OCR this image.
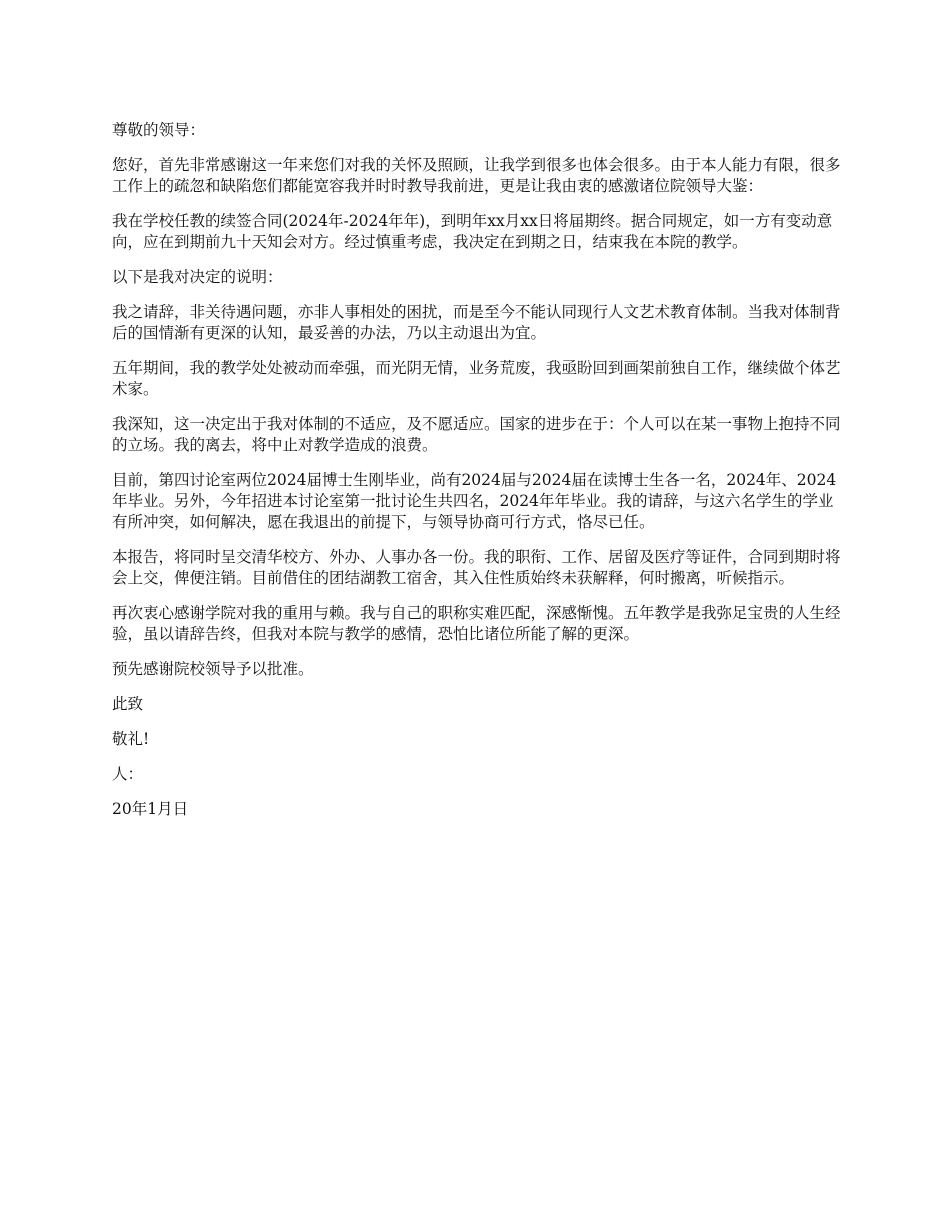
尊敬的领导：

您好，首先非常感谢这一年来您们对我的关怀及照顾，让我学到很多也体会很多。由于本人能力有限，很多工作上的疏忽和缺陷您们都能宽容我并时时教导我前进，更是让我由衷的感激诸位院领导大鉴：

我在学校任教的续签合同(2024年-2024年年)，到明年xx月xx日将届期终。据合同规定，如一方有变动意向，应在到期前九十天知会对方。经过慎重考虑，我决定在到期之日，结束我在本院的教学。

以下是我对决定的说明：

我之请辞，非关待遇问题，亦非人事相处的困扰，而是至今不能认同现行人文艺术教育体制。当我对体制背后的国情渐有更深的认知，最妥善的办法，乃以主动退出为宜。

五年期间，我的教学处处被动而牵强，而光阴无情，业务荒废，我亟盼回到画架前独自工作，继续做个体艺术家。

我深知，这一决定出于我对体制的不适应，及不愿适应。国家的进步在于：个人可以在某一事物上抱持不同的立场。我的离去，将中止对教学造成的浪费。

目前，第四讨论室两位2024届博士生刚毕业，尚有2024届与2024届在读博士生各一名，2024年、2024年毕业。另外，今年招进本讨论室第一批讨论生共四名，2024年年毕业。我的请辞，与这六名学生的学业有所冲突，如何解决，愿在我退出的前提下，与领导协商可行方式，恪尽已任。

本报告，将同时呈交清华校方、外办、人事办各一份。我的职衔、工作、居留及医疗等证件，合同到期时将会上交，俾便注销。目前借住的团结湖教工宿舍，其入住性质始终未获解释，何时搬离，听候指示。

再次衷心感谢学院对我的重用与赖。我与自己的职称实难匹配，深感惭愧。五年教学是我弥足宝贵的人生经验，虽以请辞告终，但我对本院与教学的感情，恐怕比诸位所能了解的更深。

预先感谢院校领导予以批准。

此致

敬礼!

人：

20年1月日
